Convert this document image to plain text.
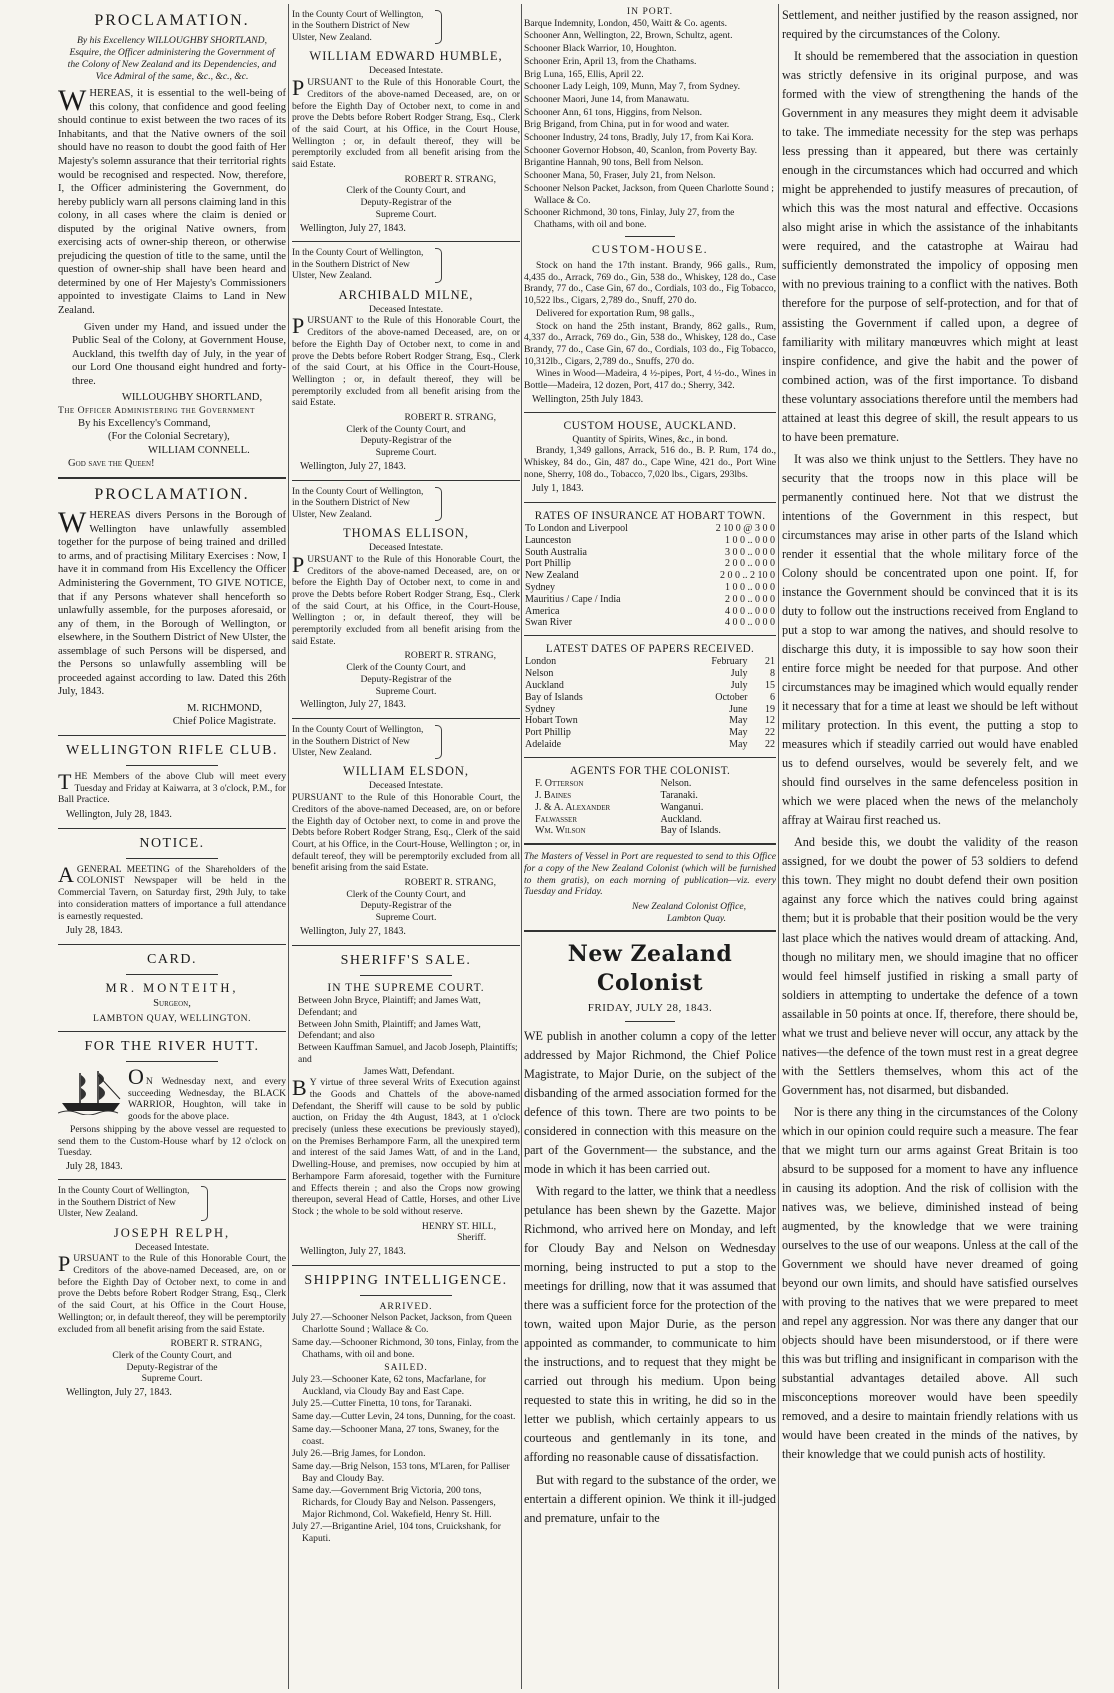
PROCLAMATION.

By his Excellency WILLOUGHBY SHORTLAND, Esquire, the Officer administering the Government of the Colony of New Zealand and its Dependencies, and Vice Admiral of the same, &c., &c., &c.

WHEREAS, it is essential to the well-being of this colony, that confidence and good feeling should continue to exist between the two races of its Inhabitants, and that the Native owners of the soil should have no reason to doubt the good faith of Her Majesty's solemn assurance that their territorial rights would be recognised and respected. Now, therefore, I, the Officer administering the Government, do hereby publicly warn all persons claiming land in this colony, in all cases where the claim is denied or disputed by the original Native owners, from exercising acts of owner-ship thereon, or otherwise prejudicing the question of title to the same, until the question of owner-ship shall have been heard and determined by one of Her Majesty's Commissioners appointed to investigate Claims to Land in New Zealand.

Given under my Hand, and issued under the Public Seal of the Colony, at Government House, Auckland, this twelfth day of July, in the year of our Lord One thousand eight hundred and forty-three.

WILLOUGHBY SHORTLAND,
The Officer Administering the Government
By his Excellency's Command,
(For the Colonial Secretary),
WILLIAM CONNELL.
God save the Queen!
PROCLAMATION.

WHEREAS divers Persons in the Borough of Wellington have unlawfully assembled together for the purpose of being trained and drilled to arms, and of practising Military Exercises : Now, I have it in command from His Excellency the Officer Administering the Government, TO GIVE NOTICE, that if any Persons whatever shall henceforth so unlawfully assemble, for the purposes aforesaid, or any of them, in the Borough of Wellington, or elsewhere, in the Southern District of New Ulster, the assemblage of such Persons will be dispersed, and the Persons so unlawfully assembling will be proceeded against according to law. Dated this 26th July, 1843.

M. RICHMOND,
Chief Police Magistrate.
WELLINGTON RIFLE CLUB.

THE Members of the above Club will meet every Tuesday and Friday at Kaiwarra, at 3 o'clock, P.M., for Ball Practice.

Wellington, July 28, 1843.
NOTICE.

AGENERAL MEETING of the Shareholders of the COLONIST Newspaper will be held in the Commercial Tavern, on Saturday first, 29th July, to take into consideration matters of importance a full attendance is earnestly requested.

July 28, 1843.
CARD.
MR. MONTEITH,
Surgeon,
LAMBTON QUAY, WELLINGTON.
FOR THE RIVER HUTT.

O N Wednesday next, and every succeeding Wednesday, the BLACK WARRIOR, Houghton, will take in goods for the above place.

Persons shipping by the above vessel are requested to send them to the Custom-House wharf by 12 o'clock on Tuesday.

July 28, 1843.
In the County Court of Wellington, in the Southern District of New Ulster, New Zealand.
JOSEPH RELPH,
Deceased Intestate.

PURSUANT to the Rule of this Honorable Court, the Creditors of the above-named Deceased, are, on or before the Eighth Day of October next, to come in and prove the Debts before Robert Rodger Strang, Esq., Clerk of the said Court, at his Office in the Court House, Wellington; or, in default thereof, they will be peremptorily excluded from all benefit arising from the said Estate.

ROBERT R. STRANG,
Clerk of the County Court, and
Deputy-Registrar of the
Supreme Court.
Wellington, July 27, 1843.
In the County Court of Wellington, in the Southern District of New Ulster, New Zealand.
WILLIAM EDWARD HUMBLE,
Deceased Intestate.

PURSUANT to the Rule of this Honorable Court, the Creditors of the above-named Deceased, are, on or before the Eighth Day of October next, to come in and prove the Debts before Robert Rodger Strang, Esq., Clerk of the said Court, at his Office, in the Court House, Wellington ; or, in default thereof, they will be peremptorily excluded from all benefit arising from the said Estate.

ROBERT R. STRANG,
Clerk of the County Court, and
Deputy-Registrar of the
Supreme Court.
Wellington, July 27, 1843.
In the County Court of Wellington, in the Southern District of New Ulster, New Zealand.
ARCHIBALD MILNE,
Deceased Intestate.

PURSUANT to the Rule of this Honorable Court, the Creditors of the above-named Deceased, are, on or before the Eighth Day of October next, to come in and prove the Debts before Robert Rodger Strang, Esq., Clerk of the said Court, at his Office in the Court-House, Wellington ; or, in default thereof, they will be peremptorily excluded from all benefit arising from the said Estate.

ROBERT R. STRANG,
Clerk of the County Court, and
Deputy-Registrar of the
Supreme Court.
Wellington, July 27, 1843.
In the County Court of Wellington, in the Southern District of New Ulster, New Zealand.
THOMAS ELLISON,
Deceased Intestate.

PURSUANT to the Rule of this Honorable Court, the Creditors of the above-named Deceased, are, on or before the Eighth Day of October next, to come in and prove the Debts before Robert Rodger Strang, Esq., Clerk of the said Court, at his Office, in the Court-House, Wellington ; or, in default thereof, they will be peremptorily excluded from all benefit arising from the said Estate.

ROBERT R. STRANG,
Clerk of the County Court, and
Deputy-Registrar of the
Supreme Court.
Wellington, July 27, 1843.
In the County Court of Wellington, in the Southern District of New Ulster, New Zealand.
WILLIAM ELSDON,
Deceased Intestate.

PURSUANT to the Rule of this Honorable Court, the Creditors of the above-named Deceased, are, on or before the Eighth day of October next, to come in and prove the Debts before Robert Rodger Strang, Esq., Clerk of the said Court, at his Office, in the Court-House, Wellington ; or, in default tereof, they will be peremptorily excluded from all benefit arising from the said Estate.

ROBERT R. STRANG,
Clerk of the County Court, and
Deputy-Registrar of the
Supreme Court.
Wellington, July 27, 1843.
SHERIFF'S SALE.
IN THE SUPREME COURT.
Between John Bryce, Plaintiff; and James Watt, Defendant; and
Between John Smith, Plaintiff; and James Watt, Defendant; and also
Between Kauffman Samuel, and Jacob Joseph, Plaintiffs; and
James Watt, Defendant.

B Y virtue of three several Writs of Execution against the Goods and Chattels of the above-named Defendant, the Sheriff will cause to be sold by public auction, on Friday the 4th August, 1843, at 1 o'clock precisely (unless these executions be previously stayed), on the Premises Berhampore Farm, all the unexpired term and interest of the said James Watt, of and in the Land, Dwelling-House, and premises, now occupied by him at Berhampore Farm aforesaid, together with the Furniture and Effects therein ; and also the Crops now growing thereupon, several Head of Cattle, Horses, and other Live Stock ; the whole to be sold without reserve.

HENRY ST. HILL,
Sheriff.
Wellington, July 27, 1843.
SHIPPING INTELLIGENCE.
ARRIVED.

July 27.—Schooner Nelson Packet, Jackson, from Queen Charlotte Sound ; Wallace & Co.

Same day.—Schooner Richmond, 30 tons, Finlay, from the Chathams, with oil and bone.

SAILED.

July 23.—Schooner Kate, 62 tons, Macfarlane, for Auckland, via Cloudy Bay and East Cape.

July 25.—Cutter Finetta, 10 tons, for Taranaki.

Same day.—Cutter Levin, 24 tons, Dunning, for the coast.

Same day.—Schooner Mana, 27 tons, Swaney, for the coast.

July 26.—Brig James, for London.

Same day.—Brig Nelson, 153 tons, M'Laren, for Palliser Bay and Cloudy Bay.

Same day.—Government Brig Victoria, 200 tons, Richards, for Cloudy Bay and Nelson. Passengers, Major Richmond, Col. Wakefield, Henry St. Hill.

July 27.—Brigantine Ariel, 104 tons, Cruickshank, for Kaputi.

IN PORT.

Barque Indemnity, London, 450, Waitt & Co. agents.

Schooner Ann, Wellington, 22, Brown, Schultz, agent.

Schooner Black Warrior, 10, Houghton.

Schooner Erin, April 13, from the Chathams.

Brig Luna, 165, Ellis, April 22.

Schooner Lady Leigh, 109, Munn, May 7, from Sydney.

Schooner Maori, June 14, from Manawatu.

Schooner Ann, 61 tons, Higgins, from Nelson.

Brig Brigand, from China, put in for wood and water.

Schooner Industry, 24 tons, Bradly, July 17, from Kai Kora.

Schooner Governor Hobson, 40, Scanlon, from Poverty Bay.

Brigantine Hannah, 90 tons, Bell from Nelson.

Schooner Mana, 50, Fraser, July 21, from Nelson.

Schooner Nelson Packet, Jackson, from Queen Charlotte Sound ; Wallace & Co.

Schooner Richmond, 30 tons, Finlay, July 27, from the Chathams, with oil and bone.

CUSTOM-HOUSE.

Stock on hand the 17th instant. Brandy, 966 galls., Rum, 4,435 do., Arrack, 769 do., Gin, 538 do., Whiskey, 128 do., Case Brandy, 77 do., Case Gin, 67 do., Cordials, 103 do., Fig Tobacco, 10,522 lbs., Cigars, 2,789 do., Snuff, 270 do.

Delivered for exportation Rum, 98 galls.,

Stock on hand the 25th instant, Brandy, 862 galls., Rum, 4,337 do., Arrack, 769 do., Gin, 538 do., Whiskey, 128 do., Case Brandy, 77 do., Case Gin, 67 do., Cordials, 103 do., Fig Tobacco, 10,312lb., Cigars, 2,789 do., Snuffs, 270 do.

Wines in Wood—Madeira, 4 ½-pipes, Port, 4 ½-do., Wines in Bottle—Madeira, 12 dozen, Port, 417 do.; Sherry, 342.

Wellington, 25th July 1843.
CUSTOM HOUSE, AUCKLAND.
Quantity of Spirits, Wines, &c., in bond.

Brandy, 1,349 gallons, Arrack, 516 do., B. P. Rum, 174 do., Whiskey, 84 do., Gin, 487 do., Cape Wine, 421 do., Port Wine none, Sherry, 108 do., Tobacco, 7,020 lbs., Cigars, 293lbs.

July 1, 1843.
RATES OF INSURANCE AT HOBART TOWN.
To London and Liverpool	2 10 0 @ 3 0 0
Launceston	1 0 0 .. 0 0 0
South Australia	3 0 0 .. 0 0 0
Port Phillip	2 0 0 .. 0 0 0
New Zealand	2 0 0 .. 2 10 0
Sydney	1 0 0 .. 0 0 0
Mauritius / Cape / India	2 0 0 .. 0 0 0
America	4 0 0 .. 0 0 0
Swan River	4 0 0 .. 0 0 0
LATEST DATES OF PAPERS RECEIVED.
London	February	21
Nelson	July	8
Auckland	July	15
Bay of Islands	October	6
Sydney	June	19
Hobart Town	May	12
Port Phillip	May	22
Adelaide	May	22
AGENTS FOR THE COLONIST.
F. Otterson	Nelson.
J. Baines	Taranaki.
J. & A. Alexander	Wanganui.
Falwasser	Auckland.
Wm. Wilson	Bay of Islands.

The Masters of Vessel in Port are requested to send to this Office for a copy of the New Zealand Colonist (which will be furnished to them gratis), on each morning of publication—viz. every Tuesday and Friday.

New Zealand Colonist Office,
Lambton Quay.
New Zealand Colonist
FRIDAY, JULY 28, 1843.

WE publish in another column a copy of the letter addressed by Major Richmond, the Chief Police Magistrate, to Major Durie, on the subject of the disbanding of the armed association formed for the defence of this town. There are two points to be considered in connection with this measure on the part of the Government— the substance, and the mode in which it has been carried out.

With regard to the latter, we think that a needless petulance has been shewn by the Gazette. Major Richmond, who arrived here on Monday, and left for Cloudy Bay and Nelson on Wednesday morning, being instructed to put a stop to the meetings for drilling, now that it was assumed that there was a sufficient force for the protection of the town, waited upon Major Durie, as the person appointed as commander, to communicate to him the instructions, and to request that they might be carried out through his medium. Upon being requested to state this in writing, he did so in the letter we publish, which certainly appears to us courteous and gentlemanly in its tone, and affording no reasonable cause of dissatisfaction.

But with regard to the substance of the order, we entertain a different opinion. We think it ill-judged and premature, unfair to the

Settlement, and neither justified by the reason assigned, nor required by the circumstances of the Colony.

It should be remembered that the association in question was strictly defensive in its original purpose, and was formed with the view of strengthening the hands of the Government in any measures they might deem it advisable to take. The immediate necessity for the step was perhaps less pressing than it appeared, but there was certainly enough in the circumstances which had occurred and which might be apprehended to justify measures of precaution, of which this was the most natural and effective. Occasions also might arise in which the assistance of the inhabitants were required, and the catastrophe at Wairau had sufficiently demonstrated the impolicy of opposing men with no previous training to a conflict with the natives. Both therefore for the purpose of self-protection, and for that of assisting the Government if called upon, a degree of familiarity with military manœuvres which might at least inspire confidence, and give the habit and the power of combined action, was of the first importance. To disband these voluntary associations therefore until the members had attained at least this degree of skill, the result appears to us to have been premature.

It was also we think unjust to the Settlers. They have no security that the troops now in this place will be permanently continued here. Not that we distrust the intentions of the Government in this respect, but circumstances may arise in other parts of the Island which render it essential that the whole military force of the Colony should be concentrated upon one point. If, for instance the Government should be convinced that it is its duty to follow out the instructions received from England to put a stop to war among the natives, and should resolve to discharge this duty, it is impossible to say how soon their entire force might be needed for that purpose. And other circumstances may be imagined which would equally render it necessary that for a time at least we should be left without military protection. In this event, the putting a stop to measures which if steadily carried out would have enabled us to defend ourselves, would be severely felt, and we should find ourselves in the same defenceless position in which we were placed when the news of the melancholy affray at Wairau first reached us.

And beside this, we doubt the validity of the reason assigned, for we doubt the power of 53 soldiers to defend this town. They might no doubt defend their own position against any force which the natives could bring against them; but it is probable that their position would be the very last place which the natives would dream of attacking. And, though no military men, we should imagine that no officer would feel himself justified in risking a small party of soldiers in attempting to undertake the defence of a town assailable in 50 points at once. If, therefore, there should be, what we trust and believe never will occur, any attack by the natives—the defence of the town must rest in a great degree with the Settlers themselves, whom this act of the Government has, not disarmed, but disbanded.

Nor is there any thing in the circumstances of the Colony which in our opinion could require such a measure. The fear that we might turn our arms against Great Britain is too absurd to be supposed for a moment to have any influence in causing its adoption. And the risk of collision with the natives was, we believe, diminished instead of being augmented, by the knowledge that we were training ourselves to the use of our weapons. Unless at the call of the Government we should have never dreamed of going beyond our own limits, and should have satisfied ourselves with proving to the natives that we were prepared to meet and repel any aggression. Nor was there any danger that our objects should have been misunderstood, or if there were this was but trifling and insignificant in comparison with the substantial advantages detailed above. All such misconceptions moreover would have been speedily removed, and a desire to maintain friendly relations with us would have been created in the minds of the natives, by their knowledge that we could punish acts of hostility.
